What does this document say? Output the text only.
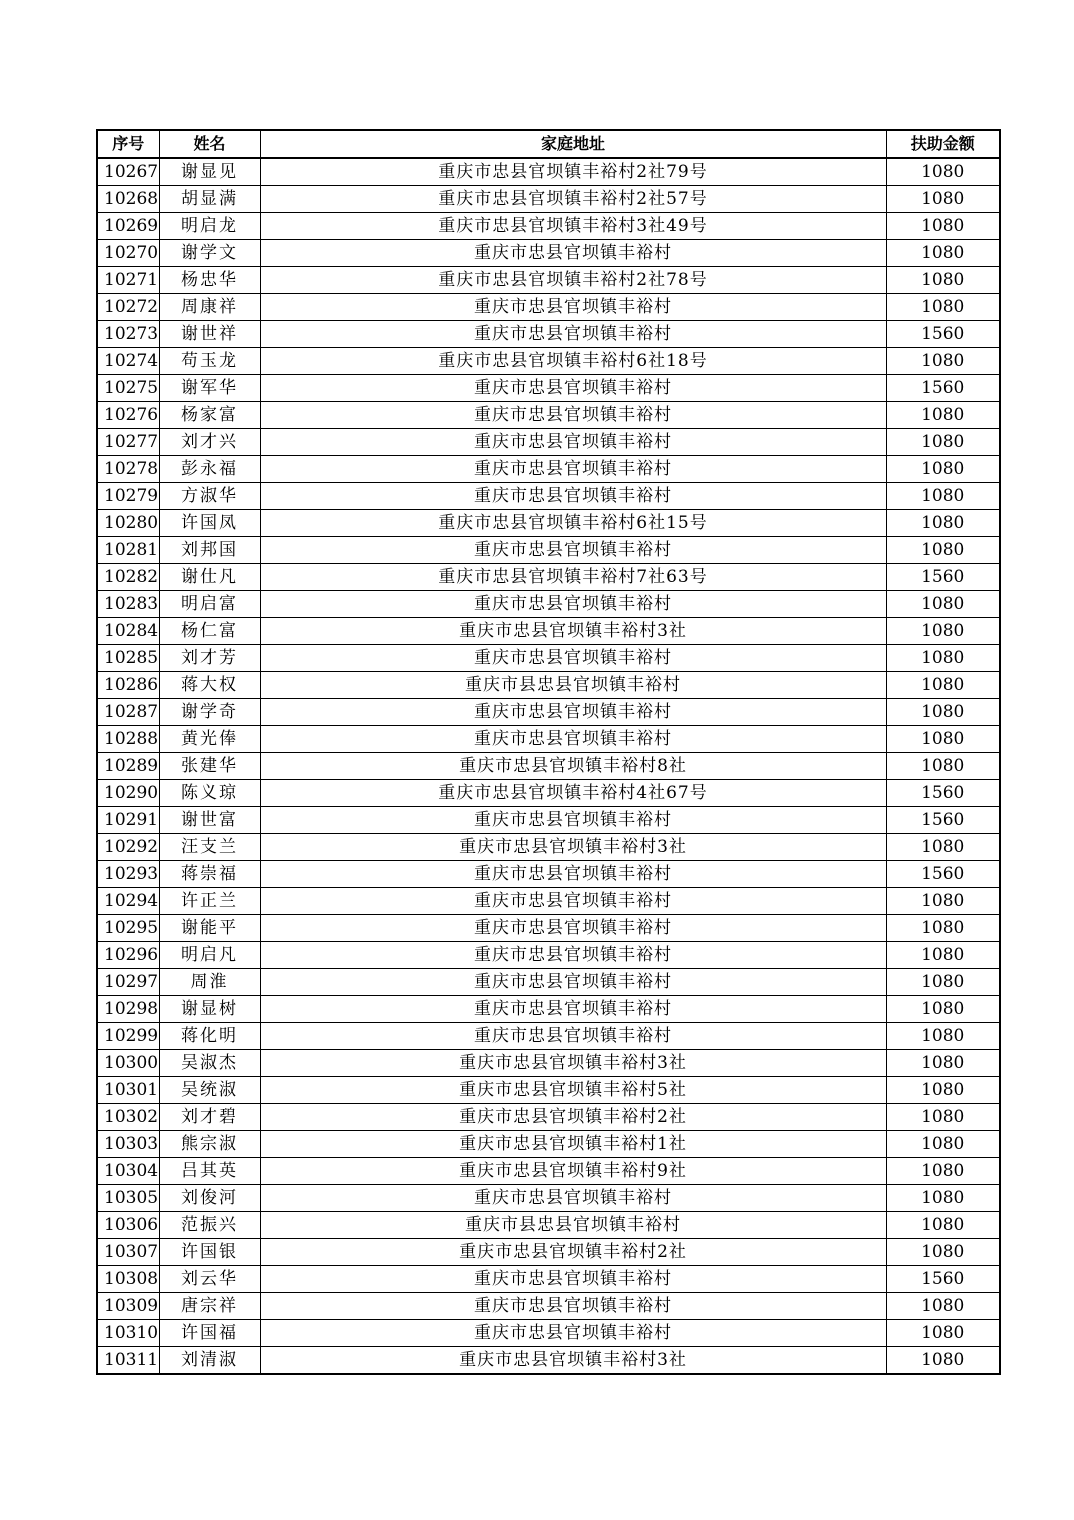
序号	姓名	家庭地址	扶助金额
10267	谢显见	重庆市忠县官坝镇丰裕村2社79号	1080
10268	胡显满	重庆市忠县官坝镇丰裕村2社57号	1080
10269	明启龙	重庆市忠县官坝镇丰裕村3社49号	1080
10270	谢学文	重庆市忠县官坝镇丰裕村	1080
10271	杨忠华	重庆市忠县官坝镇丰裕村2社78号	1080
10272	周康祥	重庆市忠县官坝镇丰裕村	1080
10273	谢世祥	重庆市忠县官坝镇丰裕村	1560
10274	苟玉龙	重庆市忠县官坝镇丰裕村6社18号	1080
10275	谢军华	重庆市忠县官坝镇丰裕村	1560
10276	杨家富	重庆市忠县官坝镇丰裕村	1080
10277	刘才兴	重庆市忠县官坝镇丰裕村	1080
10278	彭永福	重庆市忠县官坝镇丰裕村	1080
10279	方淑华	重庆市忠县官坝镇丰裕村	1080
10280	许国凤	重庆市忠县官坝镇丰裕村6社15号	1080
10281	刘邦国	重庆市忠县官坝镇丰裕村	1080
10282	谢仕凡	重庆市忠县官坝镇丰裕村7社63号	1560
10283	明启富	重庆市忠县官坝镇丰裕村	1080
10284	杨仁富	重庆市忠县官坝镇丰裕村3社	1080
10285	刘才芳	重庆市忠县官坝镇丰裕村	1080
10286	蒋大权	重庆市县忠县官坝镇丰裕村	1080
10287	谢学奇	重庆市忠县官坝镇丰裕村	1080
10288	黄光俸	重庆市忠县官坝镇丰裕村	1080
10289	张建华	重庆市忠县官坝镇丰裕村8社	1080
10290	陈义琼	重庆市忠县官坝镇丰裕村4社67号	1560
10291	谢世富	重庆市忠县官坝镇丰裕村	1560
10292	汪支兰	重庆市忠县官坝镇丰裕村3社	1080
10293	蒋崇福	重庆市忠县官坝镇丰裕村	1560
10294	许正兰	重庆市忠县官坝镇丰裕村	1080
10295	谢能平	重庆市忠县官坝镇丰裕村	1080
10296	明启凡	重庆市忠县官坝镇丰裕村	1080
10297	周淮	重庆市忠县官坝镇丰裕村	1080
10298	谢显树	重庆市忠县官坝镇丰裕村	1080
10299	蒋化明	重庆市忠县官坝镇丰裕村	1080
10300	吴淑杰	重庆市忠县官坝镇丰裕村3社	1080
10301	吴统淑	重庆市忠县官坝镇丰裕村5社	1080
10302	刘才碧	重庆市忠县官坝镇丰裕村2社	1080
10303	熊宗淑	重庆市忠县官坝镇丰裕村1社	1080
10304	吕其英	重庆市忠县官坝镇丰裕村9社	1080
10305	刘俊河	重庆市忠县官坝镇丰裕村	1080
10306	范振兴	重庆市县忠县官坝镇丰裕村	1080
10307	许国银	重庆市忠县官坝镇丰裕村2社	1080
10308	刘云华	重庆市忠县官坝镇丰裕村	1560
10309	唐宗祥	重庆市忠县官坝镇丰裕村	1080
10310	许国福	重庆市忠县官坝镇丰裕村	1080
10311	刘清淑	重庆市忠县官坝镇丰裕村3社	1080
